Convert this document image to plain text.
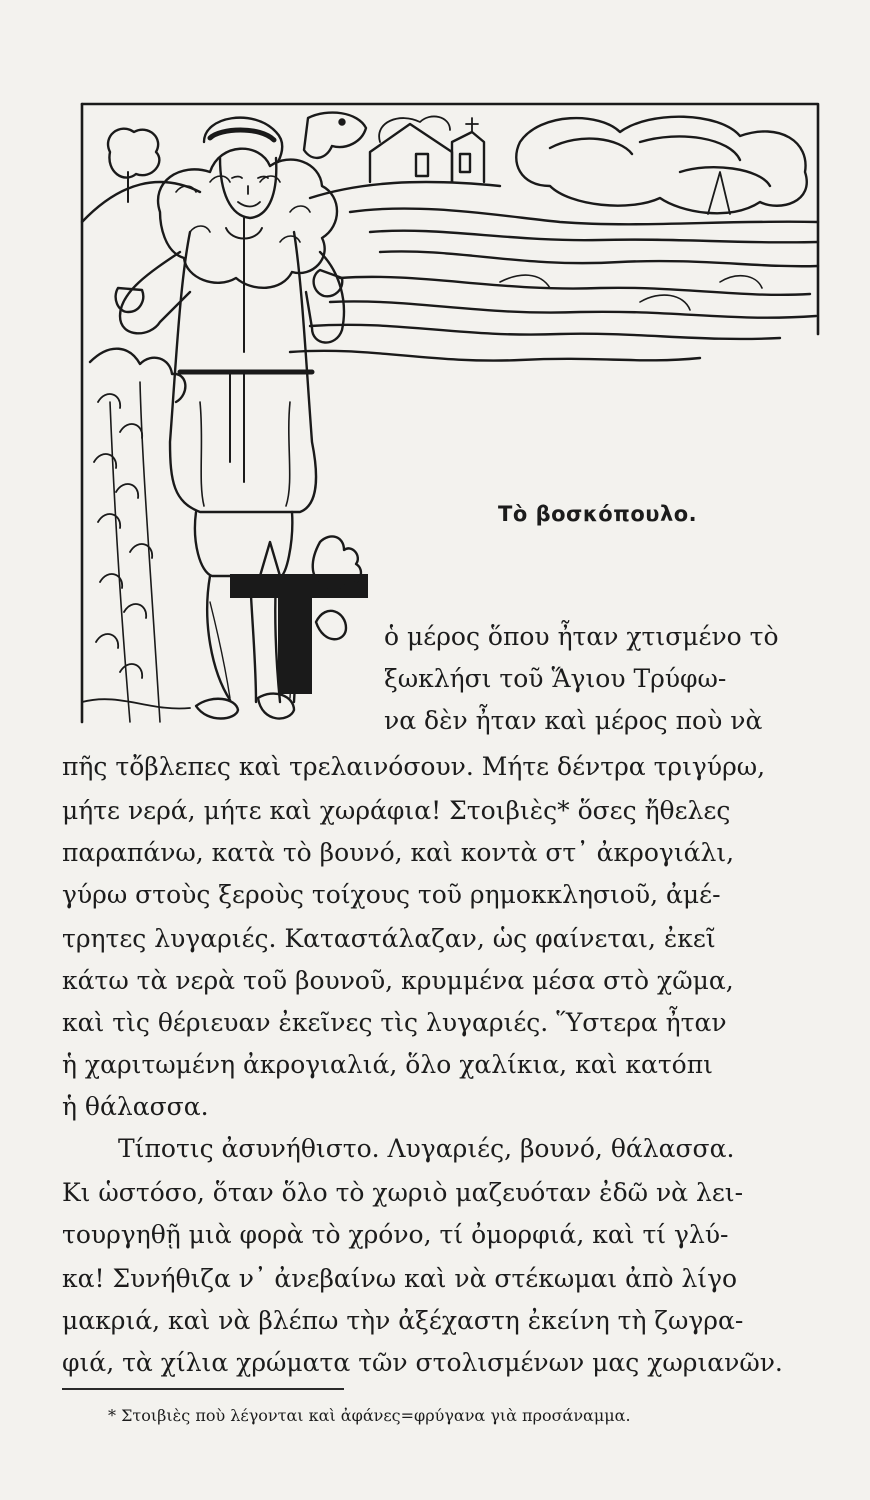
Tὸ βοσκόπουλο.
ὁ μέρος ὅπου ἦταν χτισμένο τὸ
ξωκλήσι τοῦ Ἅγιου Τρύφω-
να δὲν ἦταν καὶ μέρος ποὺ νὰ
πῆς τὄβλεπες καὶ τρελαινόσουν. Μήτε δέντρα τριγύρω,
μήτε νερά, μήτε καὶ χωράφια! Στοιβιὲς* ὅσες ἤθελες
παραπάνω, κατὰ τὸ βουνό, καὶ κοντὰ στ᾽ ἀκρογιάλι,
γύρω στοὺς ξεροὺς τοίχους τοῦ ρημοκκλησιοῦ, ἀμέ-
τρητες λυγαριές. Καταστάλαζαν, ὡς φαίνεται, ἐκεῖ
κάτω τὰ νερὰ τοῦ βουνοῦ, κρυμμένα μέσα στὸ χῶμα,
καὶ τὶς θέριευαν ἐκεῖνες τὶς λυγαριές. Ὕστερα ἦταν
ἡ χαριτωμένη ἀκρογιαλιά, ὅλο χαλίκια, καὶ κατόπι
ἡ θάλασσα.
Τίποτις ἀσυνήθιστο. Λυγαριές, βουνό, θάλασσα.
Κι ὡστόσο, ὅταν ὅλο τὸ χωριὸ μαζευόταν ἐδῶ νὰ λει-
τουργηθῇ μιὰ φορὰ τὸ χρόνο, τί ὀμορφιά, καὶ τί γλύ-
κα! Συνήθιζα ν᾽ ἀνεβαίνω καὶ νὰ στέκωμαι ἀπὸ λίγο
μακριά, καὶ νὰ βλέπω τὴν ἀξέχαστη ἐκείνη τὴ ζωγρα-
φιά, τὰ χίλια χρώματα τῶν στολισμένων μας χωριανῶν.
* Στοιβιὲς ποὺ λέγονται καὶ ἀφάνες=φρύγανα γιὰ προσάναμμα.
